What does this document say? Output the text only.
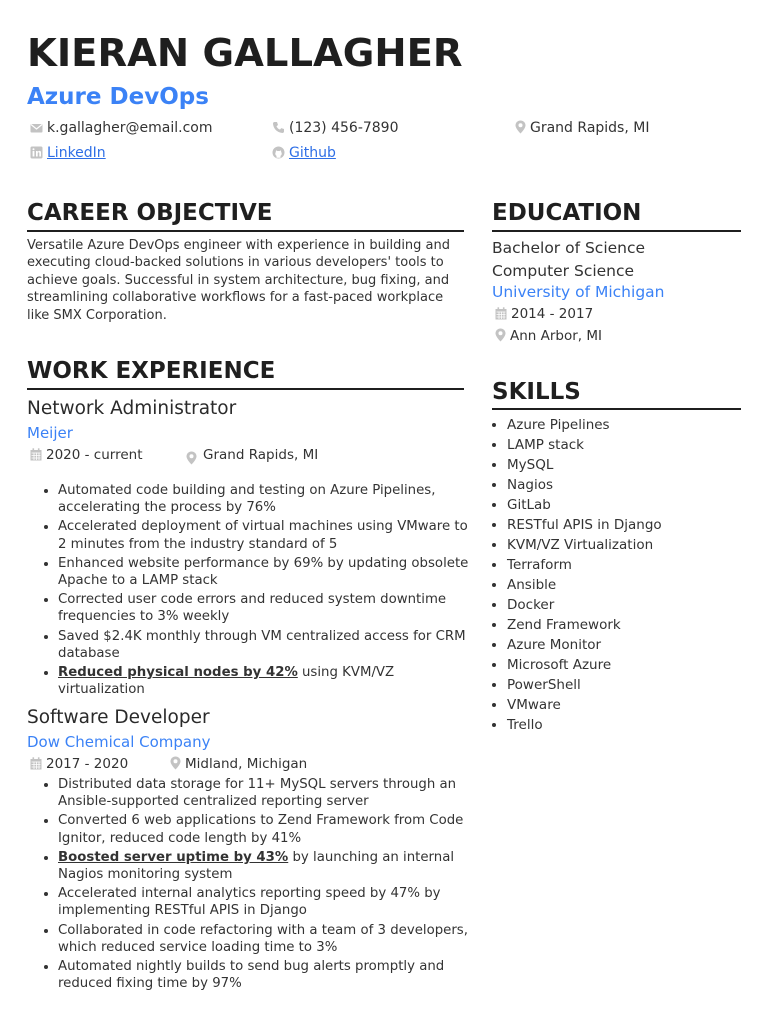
KIERAN GALLAGHER
Azure DevOps
k.gallagher@email.com	(123) 456-7890	Grand Rapids, MI
LinkedIn	Github
CAREER OBJECTIVE

Versatile Azure DevOps engineer with experience in building and executing cloud-backed solutions in various developers' tools to achieve goals. Successful in system architecture, bug fixing, and streamlining collaborative workflows for a fast-paced workplace like SMX Corporation.

WORK EXPERIENCE

Network Administrator

Meijer

2020 - current	Grand Rapids, MI
• Automated code building and testing on Azure Pipelines, accelerating the process by 76%
• Accelerated deployment of virtual machines using VMware to 2 minutes from the industry standard of 5
• Enhanced website performance by 69% by updating obsolete Apache to a LAMP stack
• Corrected user code errors and reduced system downtime frequencies to 3% weekly
• Saved $2.4K monthly through VM centralized access for CRM database
• Reduced physical nodes by 42% using KVM/VZ virtualization

Software Developer

Dow Chemical Company

2017 - 2020	Midland, Michigan
• Distributed data storage for 11+ MySQL servers through an Ansible-supported centralized reporting server
• Converted 6 web applications to Zend Framework from Code Ignitor, reduced code length by 41%
• Boosted server uptime by 43% by launching an internal Nagios monitoring system
• Accelerated internal analytics reporting speed by 47% by implementing RESTful APIS in Django
• Collaborated in code refactoring with a team of 3 developers, which reduced service loading time to 3%
• Automated nightly builds to send bug alerts promptly and reduced fixing time by 97%
EDUCATION

Bachelor of Science

Computer Science

University of Michigan

2014 - 2017
Ann Arbor, MI
SKILLS
• Azure Pipelines
• LAMP stack
• MySQL
• Nagios
• GitLab
• RESTful APIS in Django
• KVM/VZ Virtualization
• Terraform
• Ansible
• Docker
• Zend Framework
• Azure Monitor
• Microsoft Azure
• PowerShell
• VMware
• Trello
